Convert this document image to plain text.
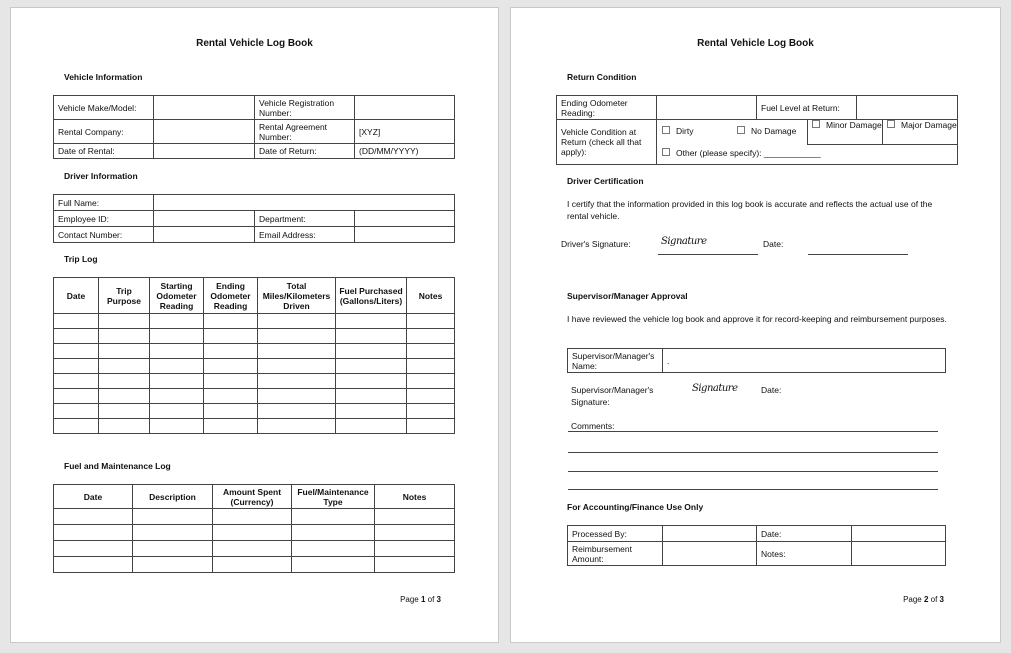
Rental Vehicle Log Book
Vehicle Information
Vehicle Make/Model:		Vehicle Registration Number:	
Rental Company:		Rental Agreement Number:	[XYZ]
Date of Rental:		Date of Return:	(DD/MM/YYYY)
Driver Information
Full Name:			
Employee ID:		Department:	
Contact Number:		Email Address:	
Trip Log
Date	Trip Purpose	Starting Odometer Reading	Ending Odometer Reading	Total Miles/Kilometers Driven	Fuel Purchased (Gallons/Liters)	Notes

Fuel and Maintenance Log
Date	Description	Amount Spent (Currency)	Fuel/Maintenance Type	Notes

Page 1 of 3
Rental Vehicle Log Book
Return Condition
Ending Odometer Reading:		Fuel Level at Return:	
Vehicle Condition at Return (check all that apply):	Dirty No Damage
Minor Damage Major Damage
Other (please specify): ____________		
Driver Certification
I certify that the information provided in this log book is accurate and reflects the actual use of the rental vehicle.
Driver's Signature:	Signature	Date:
Supervisor/Manager Approval
I have reviewed the vehicle log book and approve it for record-keeping and reimbursement purposes.
Supervisor/Manager's Name:	.
Supervisor/Manager's Signature:
Signature	Date:
Comments:
For Accounting/Finance Use Only
Processed By:		Date:	
Reimbursement Amount:		Notes:	
Page 2 of 3
